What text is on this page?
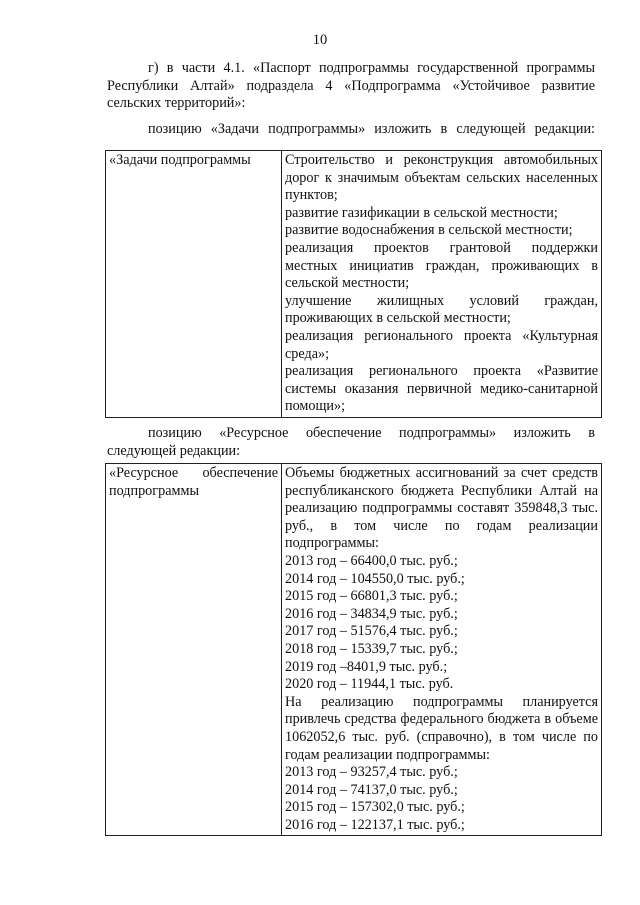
10

г) в части 4.1. «Паспорт подпрограммы государственной программы Республики Алтай» подраздела 4 «Подпрограмма «Устойчивое развитие сельских территорий»:

позицию «Задачи подпрограммы» изложить в следующей редакции:

«Задачи подпрограммы	Строительство и реконструкция автомобильных дорог к значимым объектам сельских населенных пунктов;
развитие газификации в сельской местности;
развитие водоснабжения в сельской местности;
реализация проектов грантовой поддержки местных инициатив граждан, проживающих в сельской местности;
улучшение жилищных условий граждан, проживающих в сельской местности;
реализация регионального проекта «Культурная среда»;
реализация регионального проекта «Развитие системы оказания первичной медико-санитарной помощи»;

позицию «Ресурсное обеспечение подпрограммы» изложить в следующей редакции:

«Ресурсное обеспечение подпрограммы	
Объемы бюджетных ассигнований за счет средств республиканского бюджета Республики Алтай на реализацию подпрограммы составят 359848,3 тыс. руб., в том числе по годам реализации подпрограммы:
2013 год – 66400,0 тыс. руб.;
2014 год – 104550,0 тыс. руб.;
2015 год – 66801,3 тыс. руб.;
2016 год – 34834,9 тыс. руб.;
2017 год – 51576,4 тыс. руб.;
2018 год – 15339,7 тыс. руб.;
2019 год –8401,9 тыс. руб.;
2020 год – 11944,1 тыс. руб.
На реализацию подпрограммы планируется привлечь средства федерального бюджета в объеме 1062052,6 тыс. руб. (справочно), в том числе по годам реализации подпрограммы:
2013 год – 93257,4 тыс. руб.;
2014 год – 74137,0 тыс. руб.;
2015 год – 157302,0 тыс. руб.;
2016 год – 122137,1 тыс. руб.;
